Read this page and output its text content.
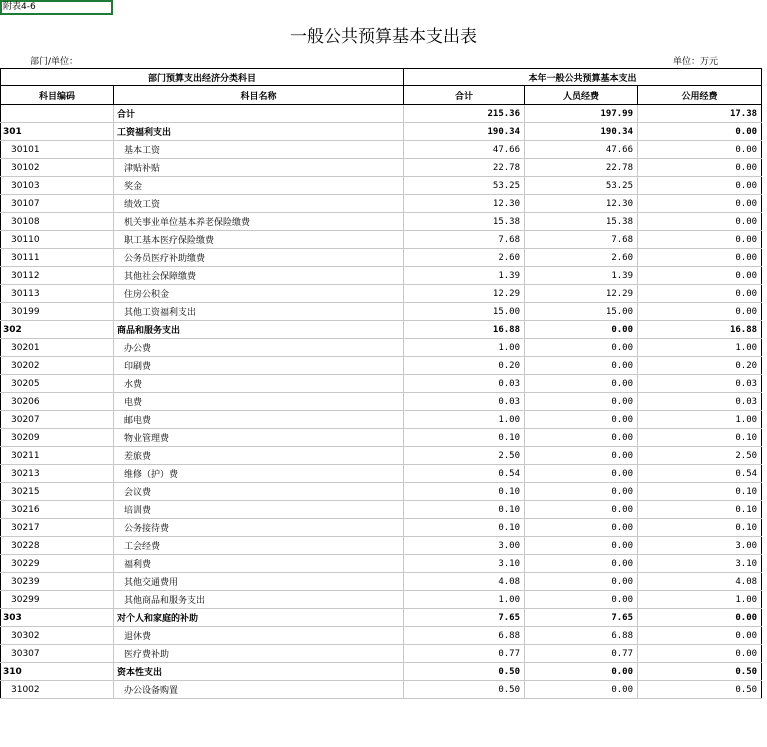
附表4-6
一般公共预算基本支出表
部门/单位：	单位：万元
部门预算支出经济分类科目		本年一般公共预算基本支出		
科目编码	科目名称	合计	人员经费	公用经费
	合计	215.36	197.99	17.38
301	工资福利支出	190.34	190.34	0.00
30101	基本工资	47.66	47.66	0.00
30102	津贴补贴	22.78	22.78	0.00
30103	奖金	53.25	53.25	0.00
30107	绩效工资	12.30	12.30	0.00
30108	机关事业单位基本养老保险缴费	15.38	15.38	0.00
30110	职工基本医疗保险缴费	7.68	7.68	0.00
30111	公务员医疗补助缴费	2.60	2.60	0.00
30112	其他社会保障缴费	1.39	1.39	0.00
30113	住房公积金	12.29	12.29	0.00
30199	其他工资福利支出	15.00	15.00	0.00
302	商品和服务支出	16.88	0.00	16.88
30201	办公费	1.00	0.00	1.00
30202	印刷费	0.20	0.00	0.20
30205	水费	0.03	0.00	0.03
30206	电费	0.03	0.00	0.03
30207	邮电费	1.00	0.00	1.00
30209	物业管理费	0.10	0.00	0.10
30211	差旅费	2.50	0.00	2.50
30213	维修（护）费	0.54	0.00	0.54
30215	会议费	0.10	0.00	0.10
30216	培训费	0.10	0.00	0.10
30217	公务接待费	0.10	0.00	0.10
30228	工会经费	3.00	0.00	3.00
30229	福利费	3.10	0.00	3.10
30239	其他交通费用	4.08	0.00	4.08
30299	其他商品和服务支出	1.00	0.00	1.00
303	对个人和家庭的补助	7.65	7.65	0.00
30302	退休费	6.88	6.88	0.00
30307	医疗费补助	0.77	0.77	0.00
310	资本性支出	0.50	0.00	0.50
31002	办公设备购置	0.50	0.00	0.50
